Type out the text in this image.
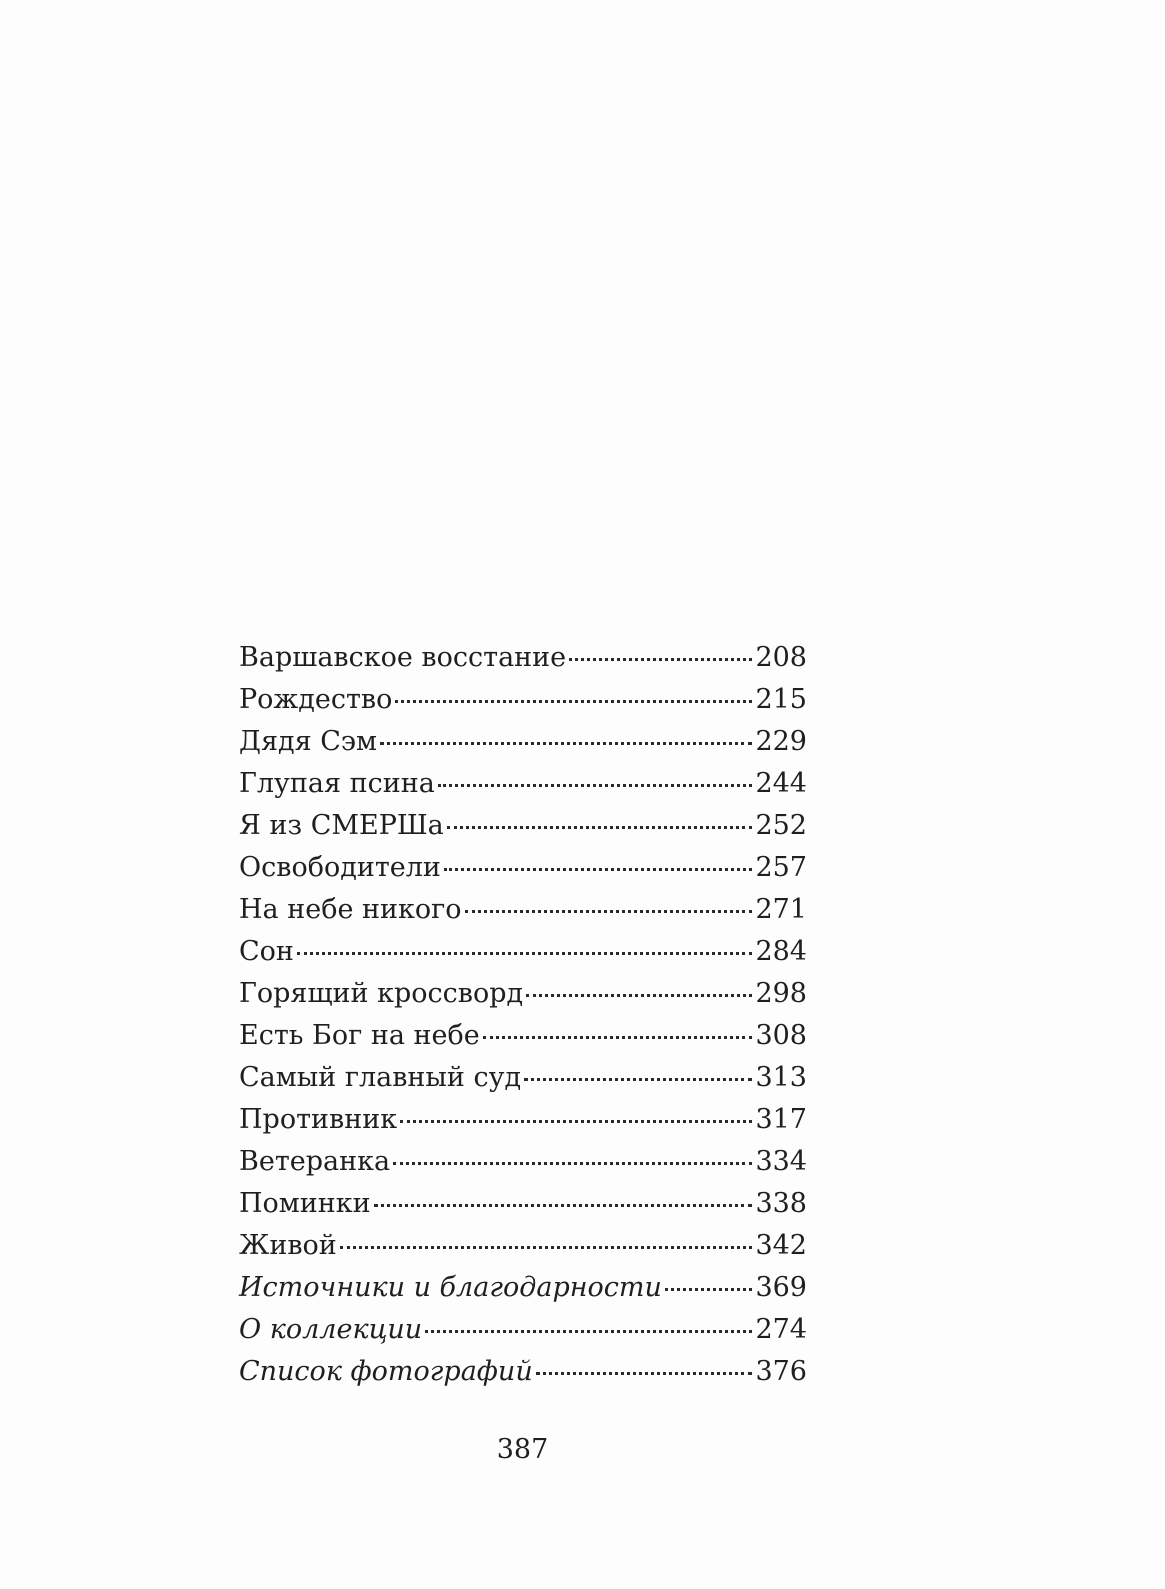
Варшавское восстание	208
Рождество	215
Дядя Сэм	229
Глупая псина	244
Я из СМЕРШа	252
Освободители	257
На небе никого	271
Сон	284
Горящий кроссворд	298
Есть Бог на небе	308
Самый главный суд	313
Противник	317
Ветеранка	334
Поминки	338
Живой	342
Источники и благодарности	369
О коллекции	274
Список фотографий	376
387
